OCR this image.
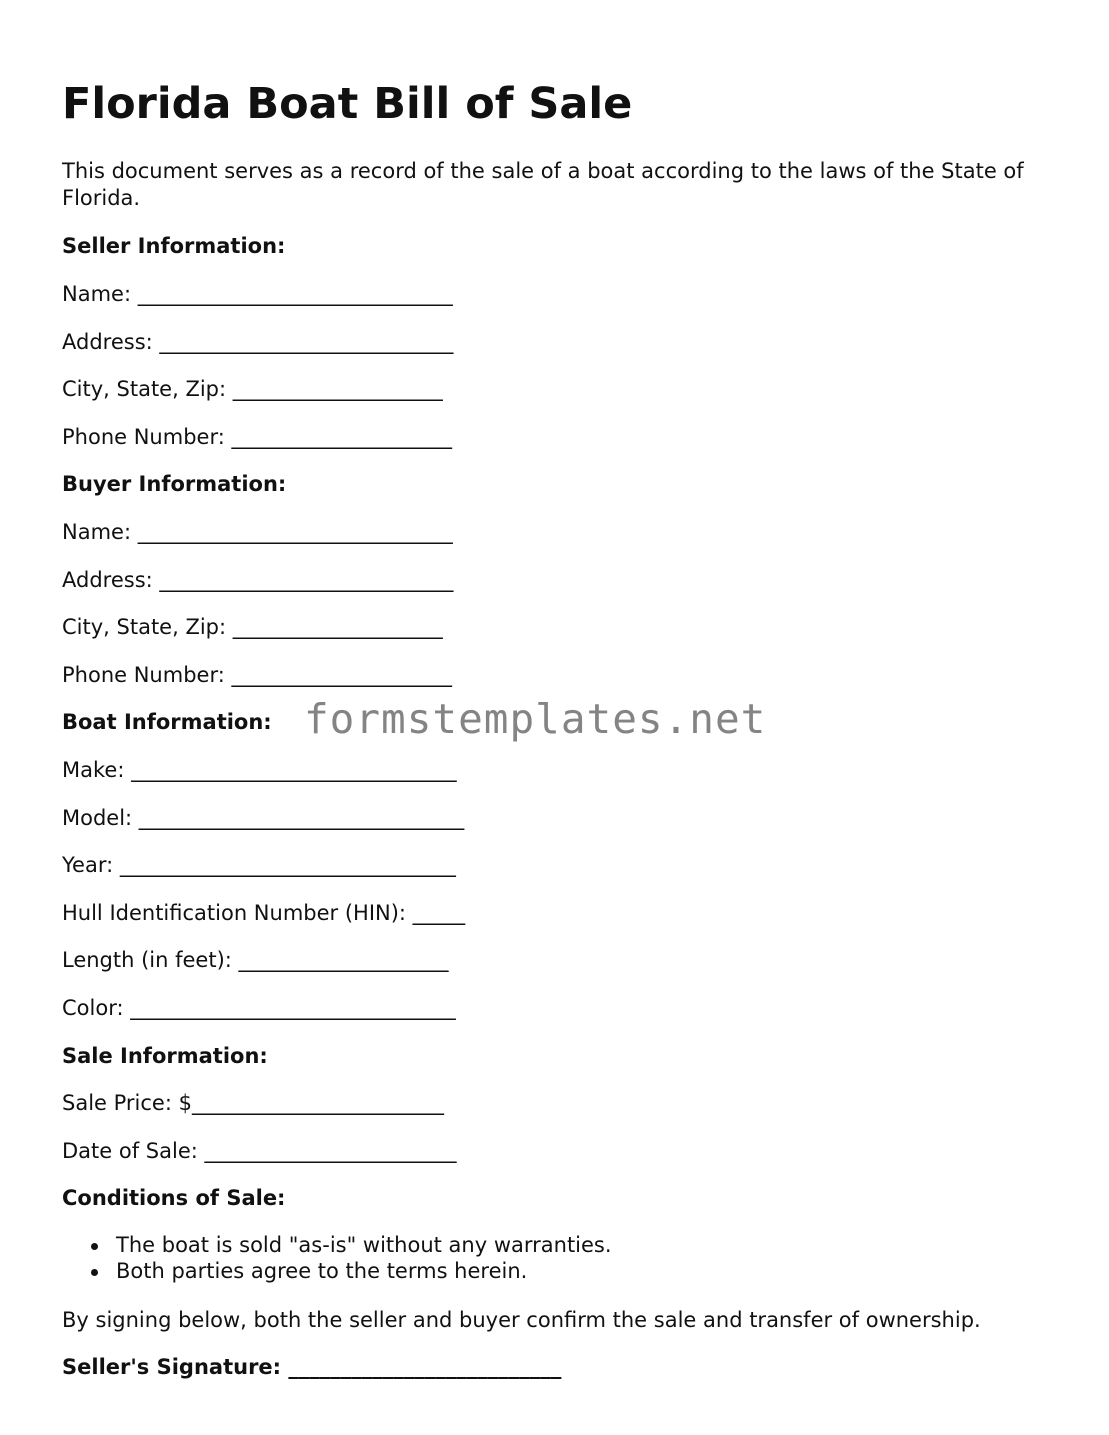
Florida Boat Bill of Sale

This document serves as a record of the sale of a boat according to the laws of the State of Florida.

Seller Information:

Name: ______________________________

Address: ____________________________

City, State, Zip: ____________________

Phone Number: _____________________

Buyer Information:

Name: ______________________________

Address: ____________________________

City, State, Zip: ____________________

Phone Number: _____________________

Boat Information:

Make: _______________________________

Model: _______________________________

Year: ________________________________

Hull Identification Number (HIN): _____

Length (in feet): ____________________

Color: _______________________________

Sale Information:

Sale Price: $________________________

Date of Sale: ________________________

Conditions of Sale:

The boat is sold "as-is" without any warranties.
Both parties agree to the terms herein.

By signing below, both the seller and buyer confirm the sale and transfer of ownership.

Seller's Signature: __________________________

formstemplates.net
